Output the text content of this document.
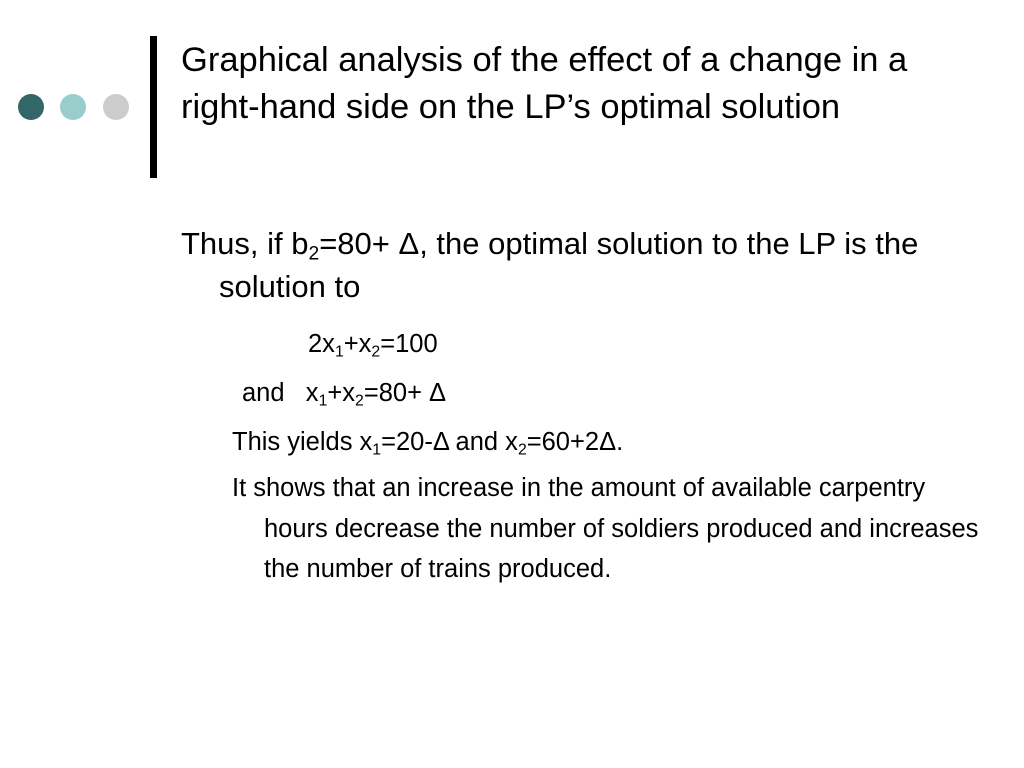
Graphical analysis of the effect of a change in a right-hand side on the LP’s optimal solution

Thus, if $b_2=80+ \Delta$, the optimal solution to the LP is the solution to

$2x_1+x_2=100$
and   $x_1+x_2=80+ \Delta$
This yields $x_1=20-\Delta$ and $x_2=60+2\Delta$.
It shows that an increase in the amount of available carpentry hours decrease the number of soldiers produced and increases the number of trains produced.
